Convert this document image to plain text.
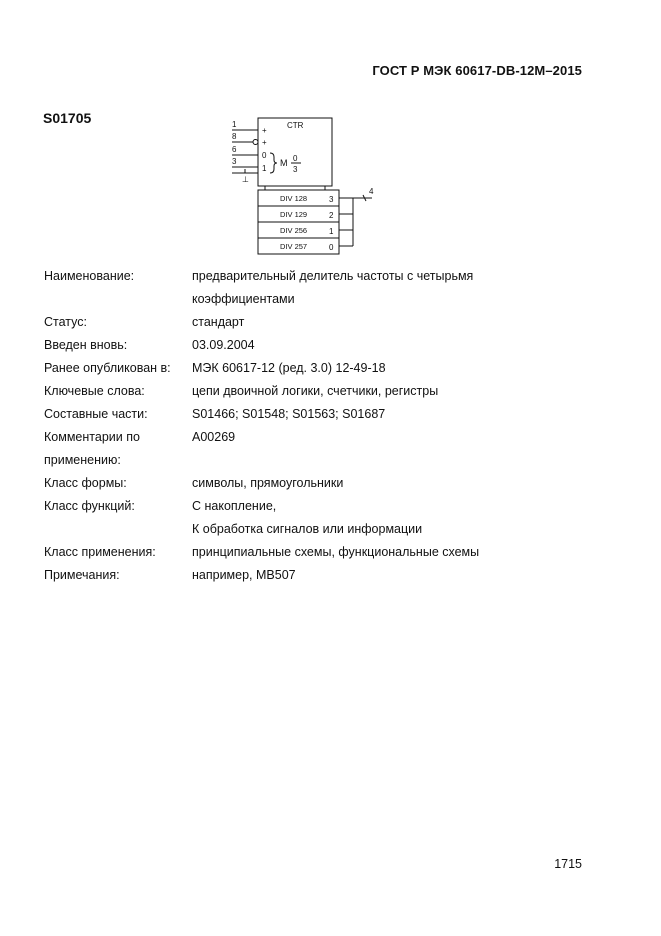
ГОСТ Р МЭК 60617-DB-12M–2015
S01705	CTR
1
8
6
3
+
+
0
1
⊥
M 0
3
DIV 128
DIV 129
DIV 256
DIV 257
3
2
1
0
4
Наименование:	предварительный делитель частоты с четырьмя
коэффициентами
Статус:	стандарт
Введен вновь:	03.09.2004
Ранее опубликован в:	МЭК 60617-12 (ред. 3.0) 12-49-18
Ключевые слова:	цепи двоичной логики, счетчики, регистры
Составные части:	S01466; S01548; S01563; S01687
Комментарии по применению:
А00269
Класс формы:	символы, прямоугольники
Класс функций:	С накопление,
К обработка сигналов или информации
Класс применения:	принципиальные схемы, функциональные схемы
Примечания:	например, МВ507
1715
